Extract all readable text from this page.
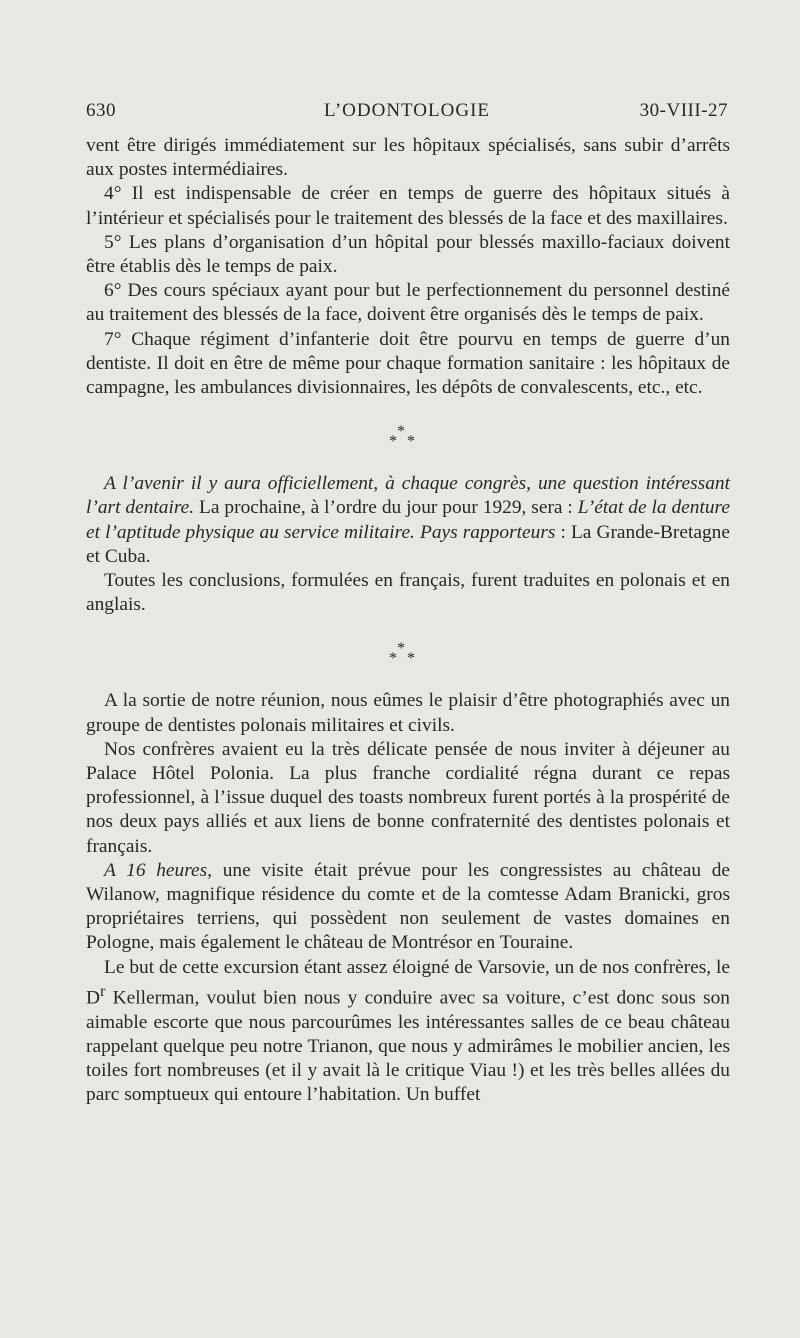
630	L’ODONTOLOGIE	30-VIII-27

vent être dirigés immédiatement sur les hôpitaux spécialisés, sans subir d’arrêts aux postes intermédiaires.

4° Il est indispensable de créer en temps de guerre des hôpitaux situés à l’intérieur et spécialisés pour le traitement des blessés de la face et des maxillaires.

5° Les plans d’organisation d’un hôpital pour blessés maxillo-faciaux doivent être établis dès le temps de paix.

6° Des cours spéciaux ayant pour but le perfectionnement du personnel destiné au traitement des blessés de la face, doivent être organisés dès le temps de paix.

7° Chaque régiment d’infanterie doit être pourvu en temps de guerre d’un dentiste. Il doit en être de même pour chaque formation sanitaire : les hôpitaux de campagne, les ambulances divisionnaires, les dépôts de convalescents, etc., etc.

*
* *

A l’avenir il y aura officiellement, à chaque congrès, une question intéressant l’art dentaire. La prochaine, à l’ordre du jour pour 1929, sera : L’état de la denture et l’aptitude physique au service militaire. Pays rapporteurs : La Grande-Bretagne et Cuba.

Toutes les conclusions, formulées en français, furent traduites en polonais et en anglais.

*
* *

A la sortie de notre réunion, nous eûmes le plaisir d’être photographiés avec un groupe de dentistes polonais militaires et civils.

Nos confrères avaient eu la très délicate pensée de nous inviter à déjeuner au Palace Hôtel Polonia. La plus franche cordialité régna durant ce repas professionnel, à l’issue duquel des toasts nombreux furent portés à la prospérité de nos deux pays alliés et aux liens de bonne confraternité des dentistes polonais et français.

A 16 heures, une visite était prévue pour les congressistes au château de Wilanow, magnifique résidence du comte et de la comtesse Adam Branicki, gros propriétaires terriens, qui possèdent non seulement de vastes domaines en Pologne, mais également le château de Montrésor en Touraine.

Le but de cette excursion étant assez éloigné de Varsovie, un de nos confrères, le $D^r$ Kellerman, voulut bien nous y conduire avec sa voiture, c’est donc sous son aimable escorte que nous parcourûmes les intéressantes salles de ce beau château rappelant quelque peu notre Trianon, que nous y admirâmes le mobilier ancien, les toiles fort nombreuses (et il y avait là le critique Viau !) et les très belles allées du parc somptueux qui entoure l’habitation. Un buffet
